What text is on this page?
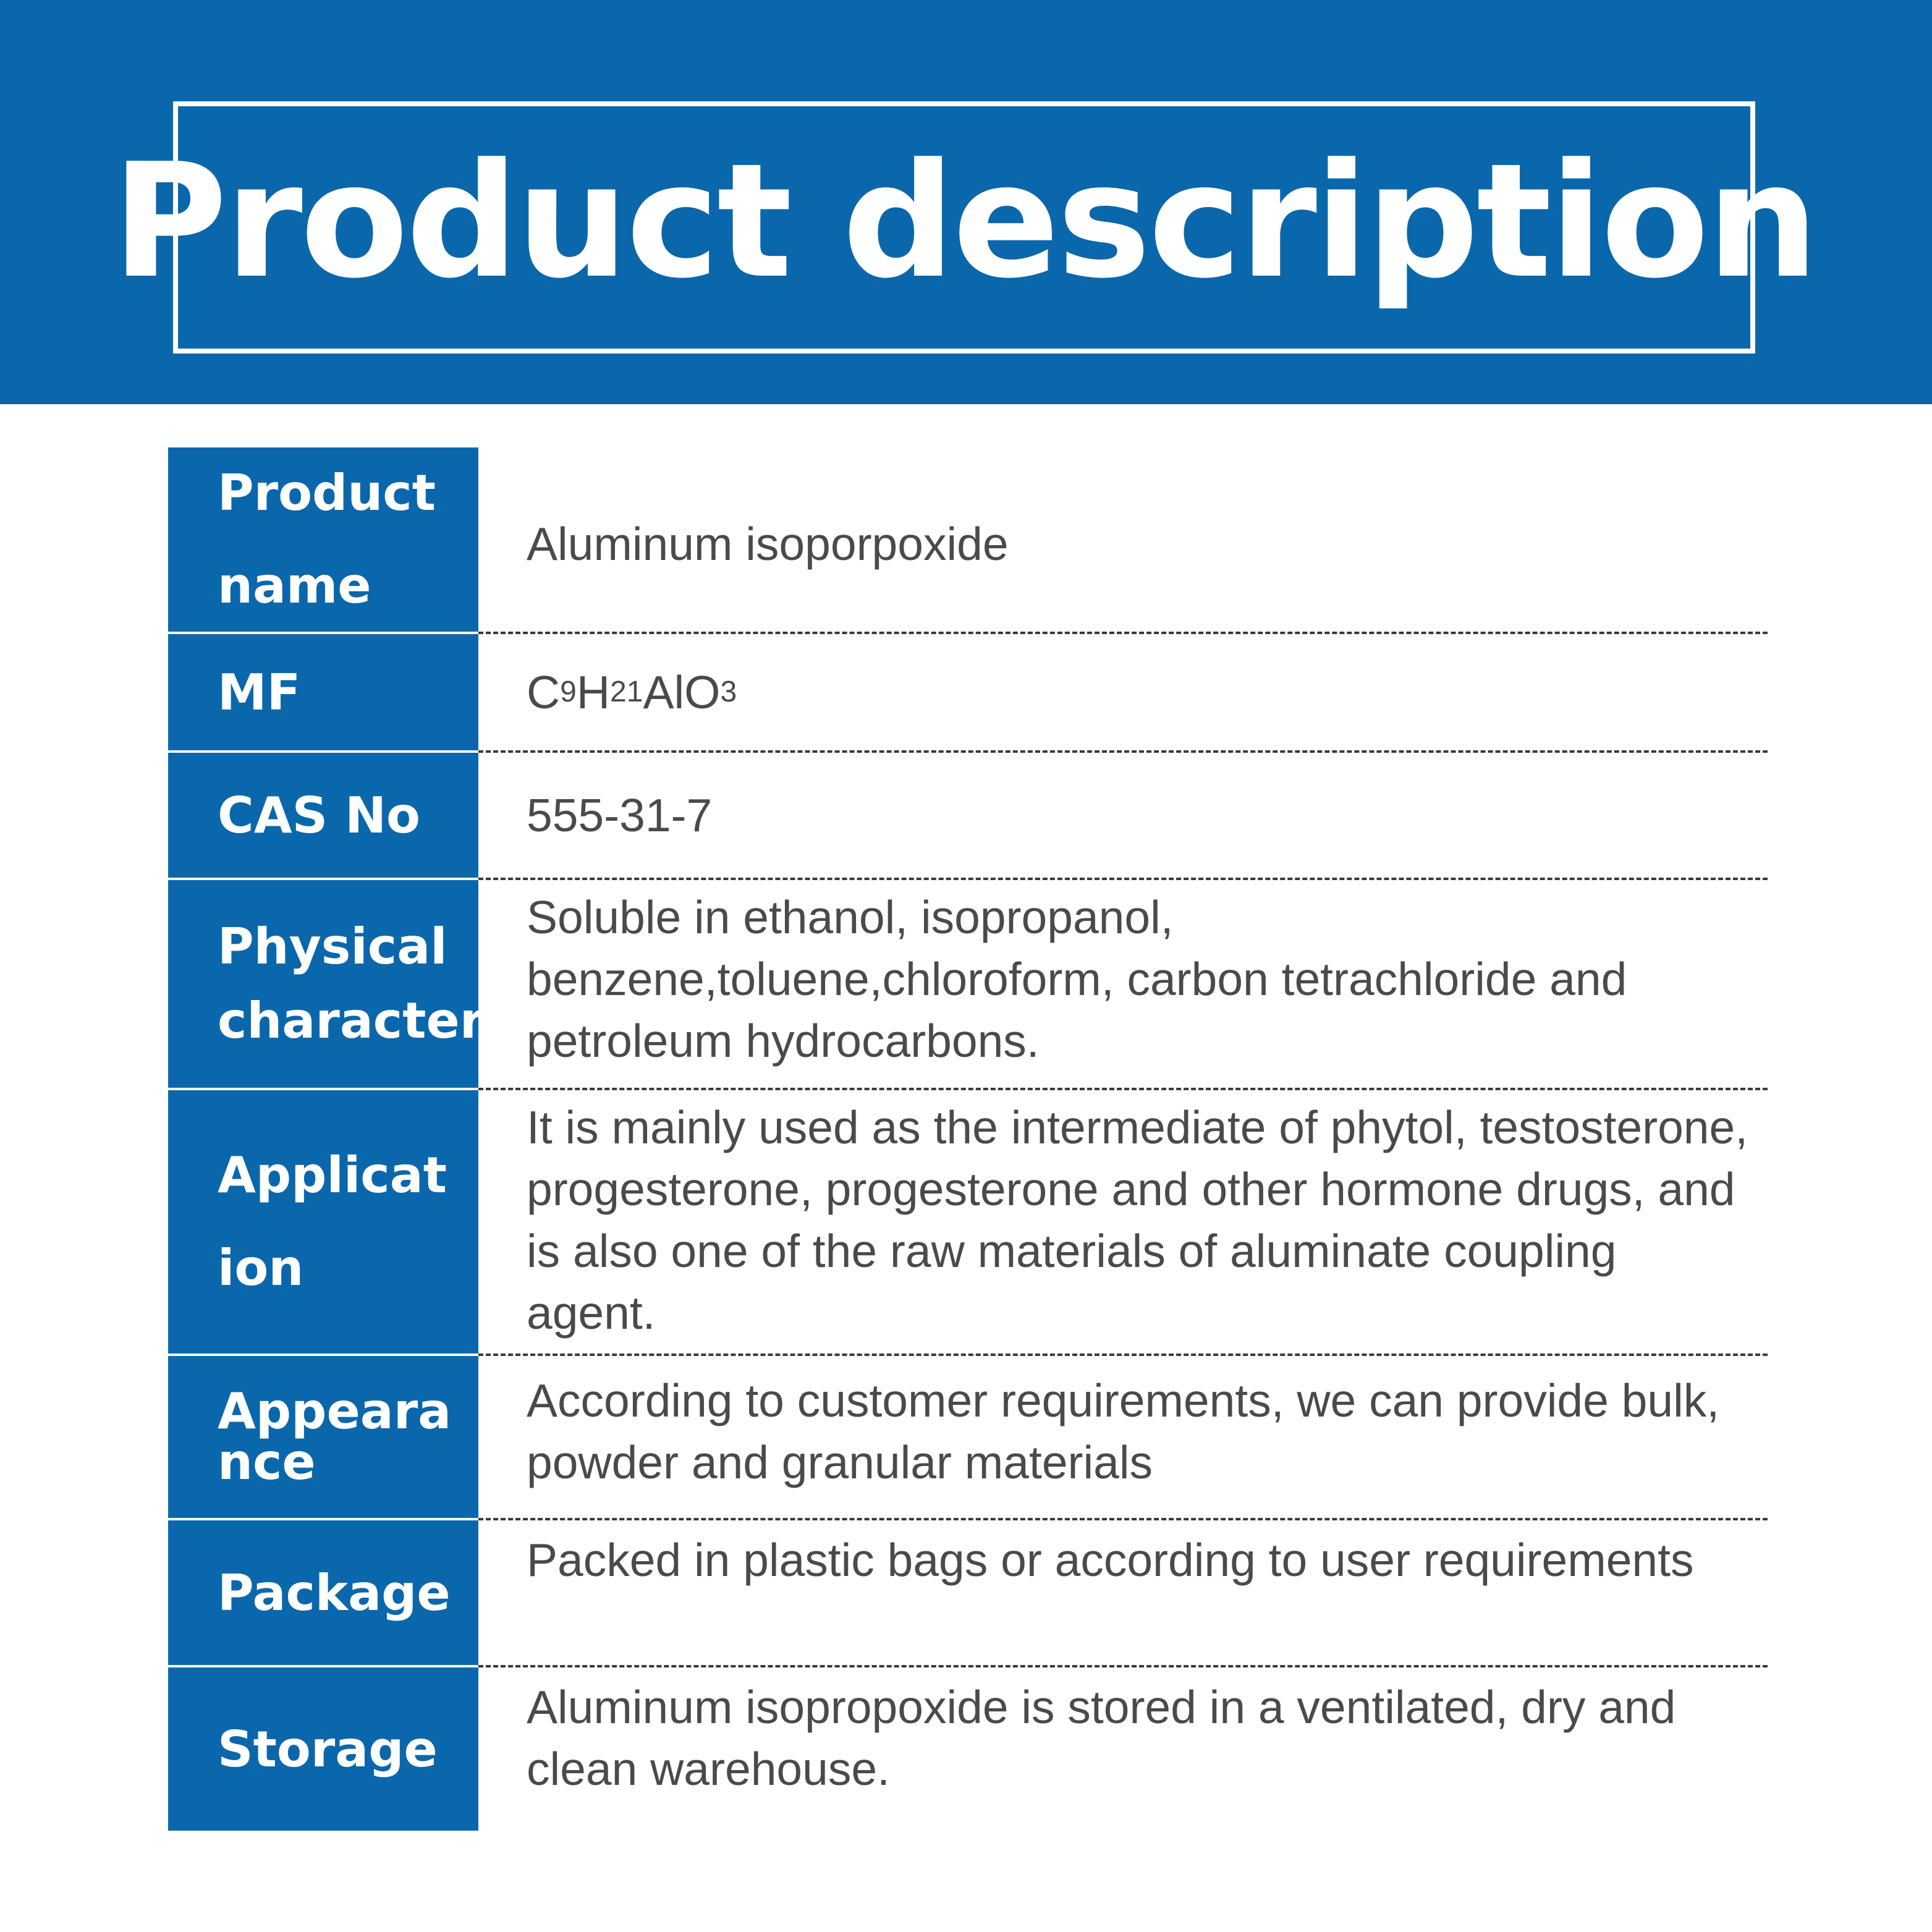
Product description
Product name
Aluminum isoporpoxide
MF	C 9 H 21 AlO 3
CAS No 555-31-7
Physical character
Soluble in ethanol, isopropanol, benzene,toluene,chloroform, carbon tetrachloride and petroleum hydrocarbons.
Applicat ion
It is mainly used as the intermediate of phytol, testosterone, progesterone, progesterone and other hormone drugs, and is also one of the raw materials of aluminate coupling agent.
Appeara nce
According to customer requirements, we can provide bulk, powder and granular materials
Package
Packed in plastic bags or according to user requirements
Storage
Aluminum isopropoxide is stored in a ventilated, dry and clean warehouse.
